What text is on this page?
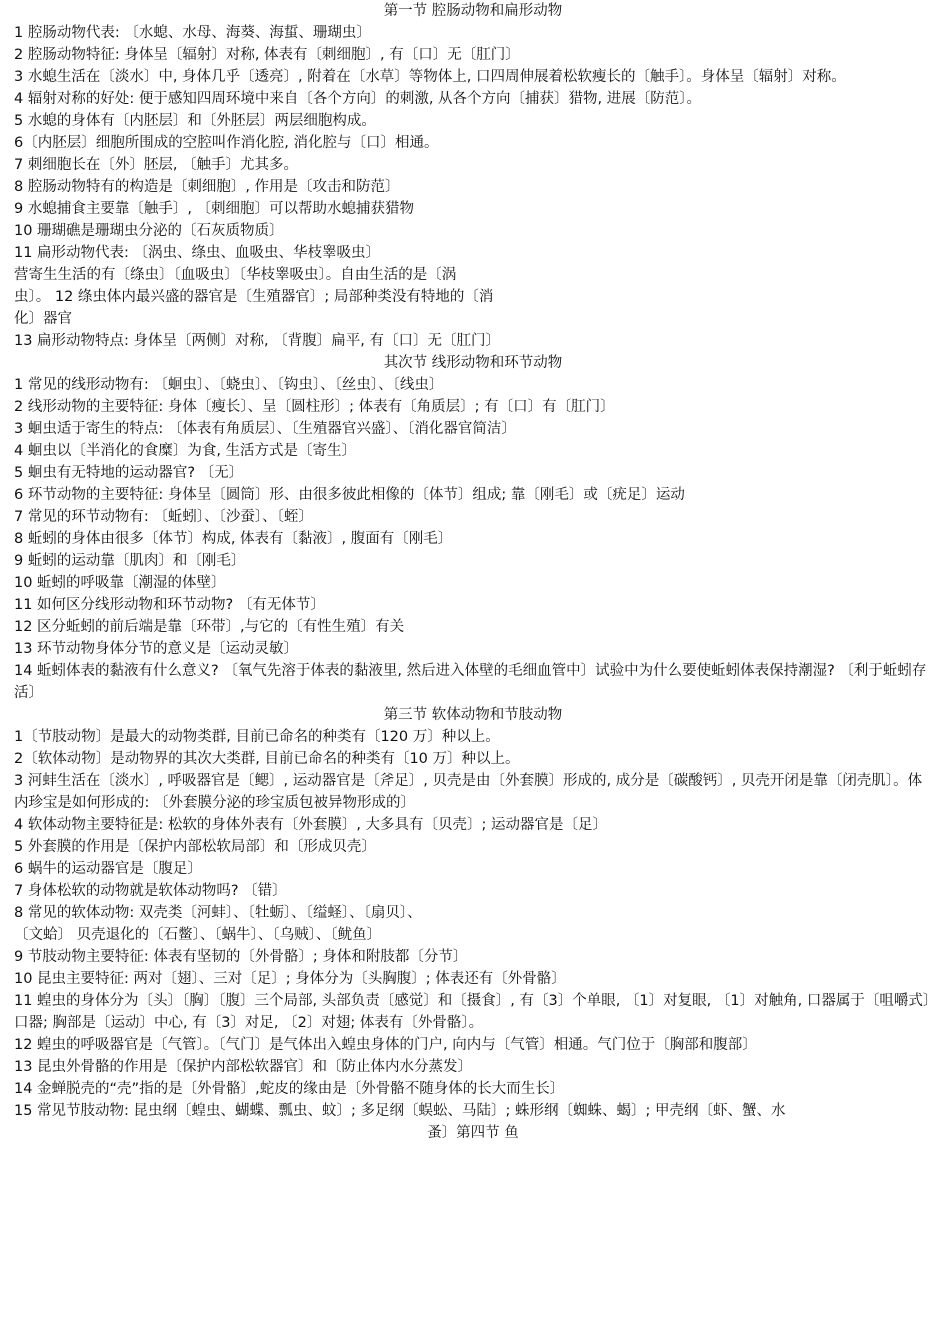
第一节 腔肠动物和扁形动物

1 腔肠动物代表: 〔水螅、水母、海葵、海蜇、珊瑚虫〕

2 腔肠动物特征: 身体呈〔辐射〕对称, 体表有〔刺细胞〕, 有〔口〕无〔肛门〕

3 水螅生活在〔淡水〕中, 身体几乎〔透亮〕, 附着在〔水草〕等物体上, 口四周伸展着松软瘦长的〔触手〕。身体呈〔辐射〕对称。

4 辐射对称的好处: 便于感知四周环境中来自〔各个方向〕的刺激, 从各个方向〔捕获〕猎物, 进展〔防范〕。

5 水螅的身体有〔内胚层〕和〔外胚层〕两层细胞构成。

6〔内胚层〕细胞所围成的空腔叫作消化腔, 消化腔与〔口〕相通。

7 刺细胞长在〔外〕胚层, 〔触手〕尤其多。

8 腔肠动物特有的构造是〔刺细胞〕, 作用是〔攻击和防范〕

9 水螅捕食主要靠〔触手〕, 〔刺细胞〕可以帮助水螅捕获猎物

10 珊瑚礁是珊瑚虫分泌的〔石灰质物质〕

11 扁形动物代表: 〔涡虫、绦虫、血吸虫、华枝睾吸虫〕

营寄生生活的有〔绦虫〕〔血吸虫〕〔华枝睾吸虫〕。自由生活的是〔涡

虫〕。 12 绦虫体内最兴盛的器官是〔生殖器官〕; 局部种类没有特地的〔消

化〕器官

13 扁形动物特点: 身体呈〔两侧〕对称, 〔背腹〕扁平, 有〔口〕无〔肛门〕

其次节 线形动物和环节动物

1 常见的线形动物有: 〔蛔虫〕、〔蛲虫〕、〔钩虫〕、〔丝虫〕、〔线虫〕

2 线形动物的主要特征: 身体〔瘦长〕、呈〔圆柱形〕; 体表有〔角质层〕; 有〔口〕有〔肛门〕

3 蛔虫适于寄生的特点: 〔体表有角质层〕、〔生殖器官兴盛〕、〔消化器官简洁〕

4 蛔虫以〔半消化的食糜〕为食, 生活方式是〔寄生〕

5 蛔虫有无特地的运动器官? 〔无〕

6 环节动物的主要特征: 身体呈〔圆筒〕形、由很多彼此相像的〔体节〕组成; 靠〔刚毛〕或〔疣足〕运动

7 常见的环节动物有: 〔蚯蚓〕、〔沙蚕〕、〔蛭〕

8 蚯蚓的身体由很多〔体节〕构成, 体表有〔黏液〕, 腹面有〔刚毛〕

9 蚯蚓的运动靠〔肌肉〕和〔刚毛〕

10 蚯蚓的呼吸靠〔潮湿的体壁〕

11 如何区分线形动物和环节动物? 〔有无体节〕

12 区分蚯蚓的前后端是靠〔环带〕,与它的〔有性生殖〕有关

13 环节动物身体分节的意义是〔运动灵敏〕

14 蚯蚓体表的黏液有什么意义? 〔氧气先溶于体表的黏液里, 然后进入体壁的毛细血管中〕试验中为什么要使蚯蚓体表保持潮湿? 〔利于蚯蚓存活〕

第三节 软体动物和节肢动物

1〔节肢动物〕是最大的动物类群, 目前已命名的种类有〔120 万〕种以上。

2〔软体动物〕是动物界的其次大类群, 目前已命名的种类有〔10 万〕种以上。

3 河蚌生活在〔淡水〕, 呼吸器官是〔鳃〕, 运动器官是〔斧足〕, 贝壳是由〔外套膜〕形成的, 成分是〔碳酸钙〕, 贝壳开闭是靠〔闭壳肌〕。体内珍宝是如何形成的: 〔外套膜分泌的珍宝质包被异物形成的〕

4 软体动物主要特征是: 松软的身体外表有〔外套膜〕, 大多具有〔贝壳〕; 运动器官是〔足〕

5 外套膜的作用是〔保护内部松软局部〕和〔形成贝壳〕

6 蜗牛的运动器官是〔腹足〕

7 身体松软的动物就是软体动物吗? 〔错〕

8 常见的软体动物: 双壳类〔河蚌〕、〔牡蛎〕、〔缢蛏〕、〔扇贝〕、

〔文蛤〕 贝壳退化的〔石鳖〕、〔蜗牛〕、〔乌贼〕、〔鱿鱼〕

9 节肢动物主要特征: 体表有坚韧的〔外骨骼〕; 身体和附肢都〔分节〕

10 昆虫主要特征: 两对〔翅〕、三对〔足〕; 身体分为〔头胸腹〕; 体表还有〔外骨骼〕

11 蝗虫的身体分为〔头〕〔胸〕〔腹〕三个局部, 头部负责〔感觉〕和〔摄食〕, 有〔3〕个单眼, 〔1〕对复眼, 〔1〕对触角, 口器属于〔咀嚼式〕口器; 胸部是〔运动〕中心, 有〔3〕对足, 〔2〕对翅; 体表有〔外骨骼〕。

12 蝗虫的呼吸器官是〔气管〕。〔气门〕是气体出入蝗虫身体的门户, 向内与〔气管〕相通。气门位于〔胸部和腹部〕

13 昆虫外骨骼的作用是〔保护内部松软器官〕和〔防止体内水分蒸发〕

14 金蝉脱壳的“壳”指的是〔外骨骼〕,蛇皮的缘由是〔外骨骼不随身体的长大而生长〕

15 常见节肢动物: 昆虫纲〔蝗虫、蝴蝶、瓢虫、蚊〕; 多足纲〔蜈蚣、马陆〕; 蛛形纲〔蜘蛛、蝎〕; 甲壳纲〔虾、蟹、水

蚤〕第四节 鱼
